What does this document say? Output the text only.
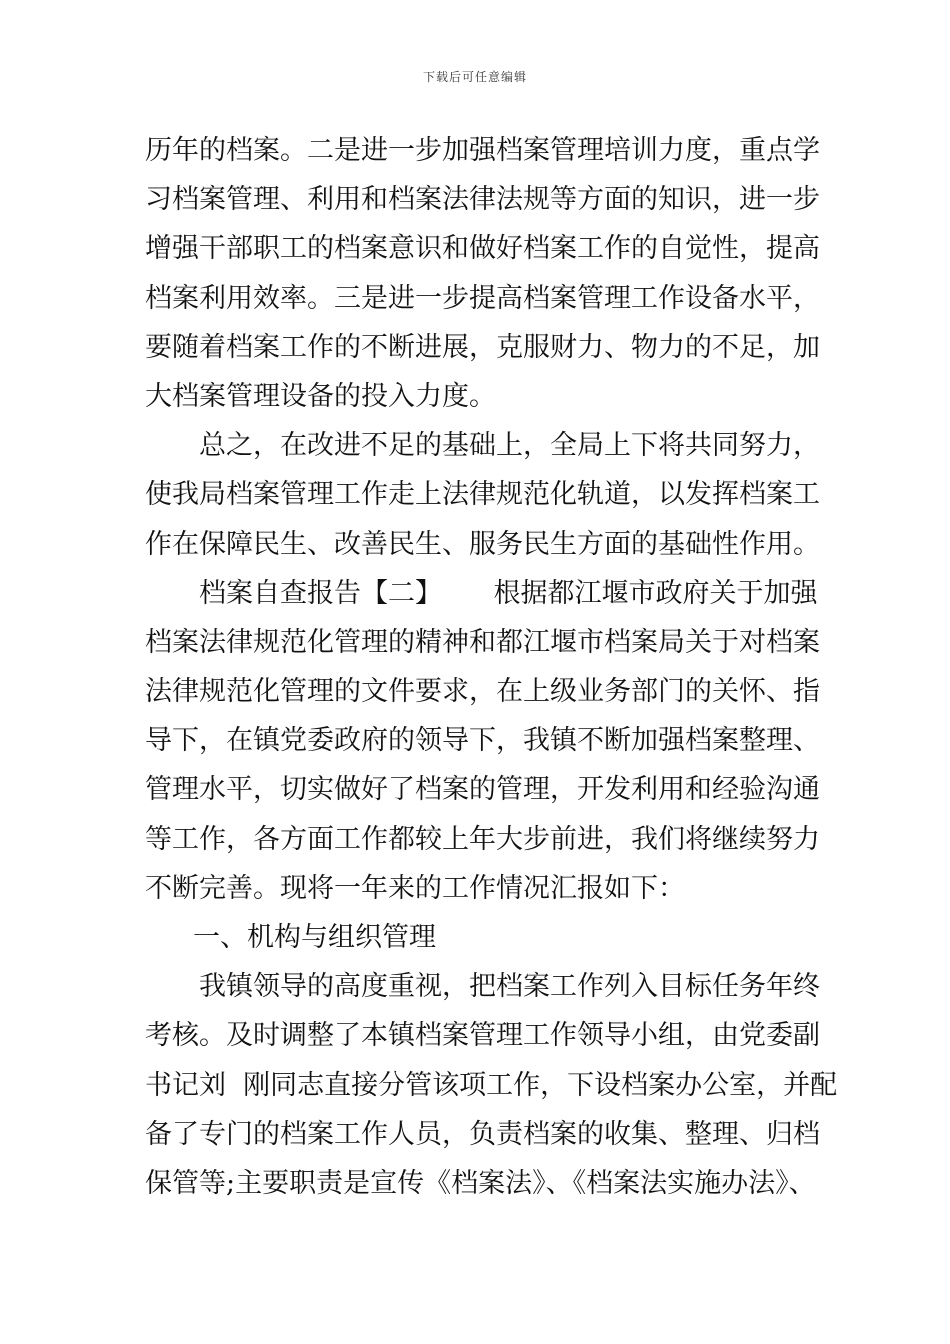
下载后可任意编辑
历年的档案。二是进一步加强档案管理培训力度，重点学
习档案管理、利用和档案法律法规等方面的知识，进一步
增强干部职工的档案意识和做好档案工作的自觉性，提高
档案利用效率。三是进一步提高档案管理工作设备水平，
要随着档案工作的不断进展，克服财力、物力的不足，加
大档案管理设备的投入力度。
总之，在改进不足的基础上，全局上下将共同努力，
使我局档案管理工作走上法律规范化轨道，以发挥档案工
作在保障民生、改善民生、服务民生方面的基础性作用。
档案自查报告【二】      根据都江堰市政府关于加强
档案法律规范化管理的精神和都江堰市档案局关于对档案
法律规范化管理的文件要求，在上级业务部门的关怀、指
导下，在镇党委政府的领导下，我镇不断加强档案整理、
管理水平，切实做好了档案的管理，开发利用和经验沟通
等工作，各方面工作都较上年大步前进，我们将继续努力
不断完善。现将一年来的工作情况汇报如下：
一、机构与组织管理
我镇领导的高度重视，把档案工作列入目标任务年终
考核。及时调整了本镇档案管理工作领导小组，由党委副
书记刘  刚同志直接分管该项工作，下设档案办公室，并配
备了专门的档案工作人员，负责档案的收集、整理、归档
保管等;主要职责是宣传《档案法》、《档案法实施办法》、
